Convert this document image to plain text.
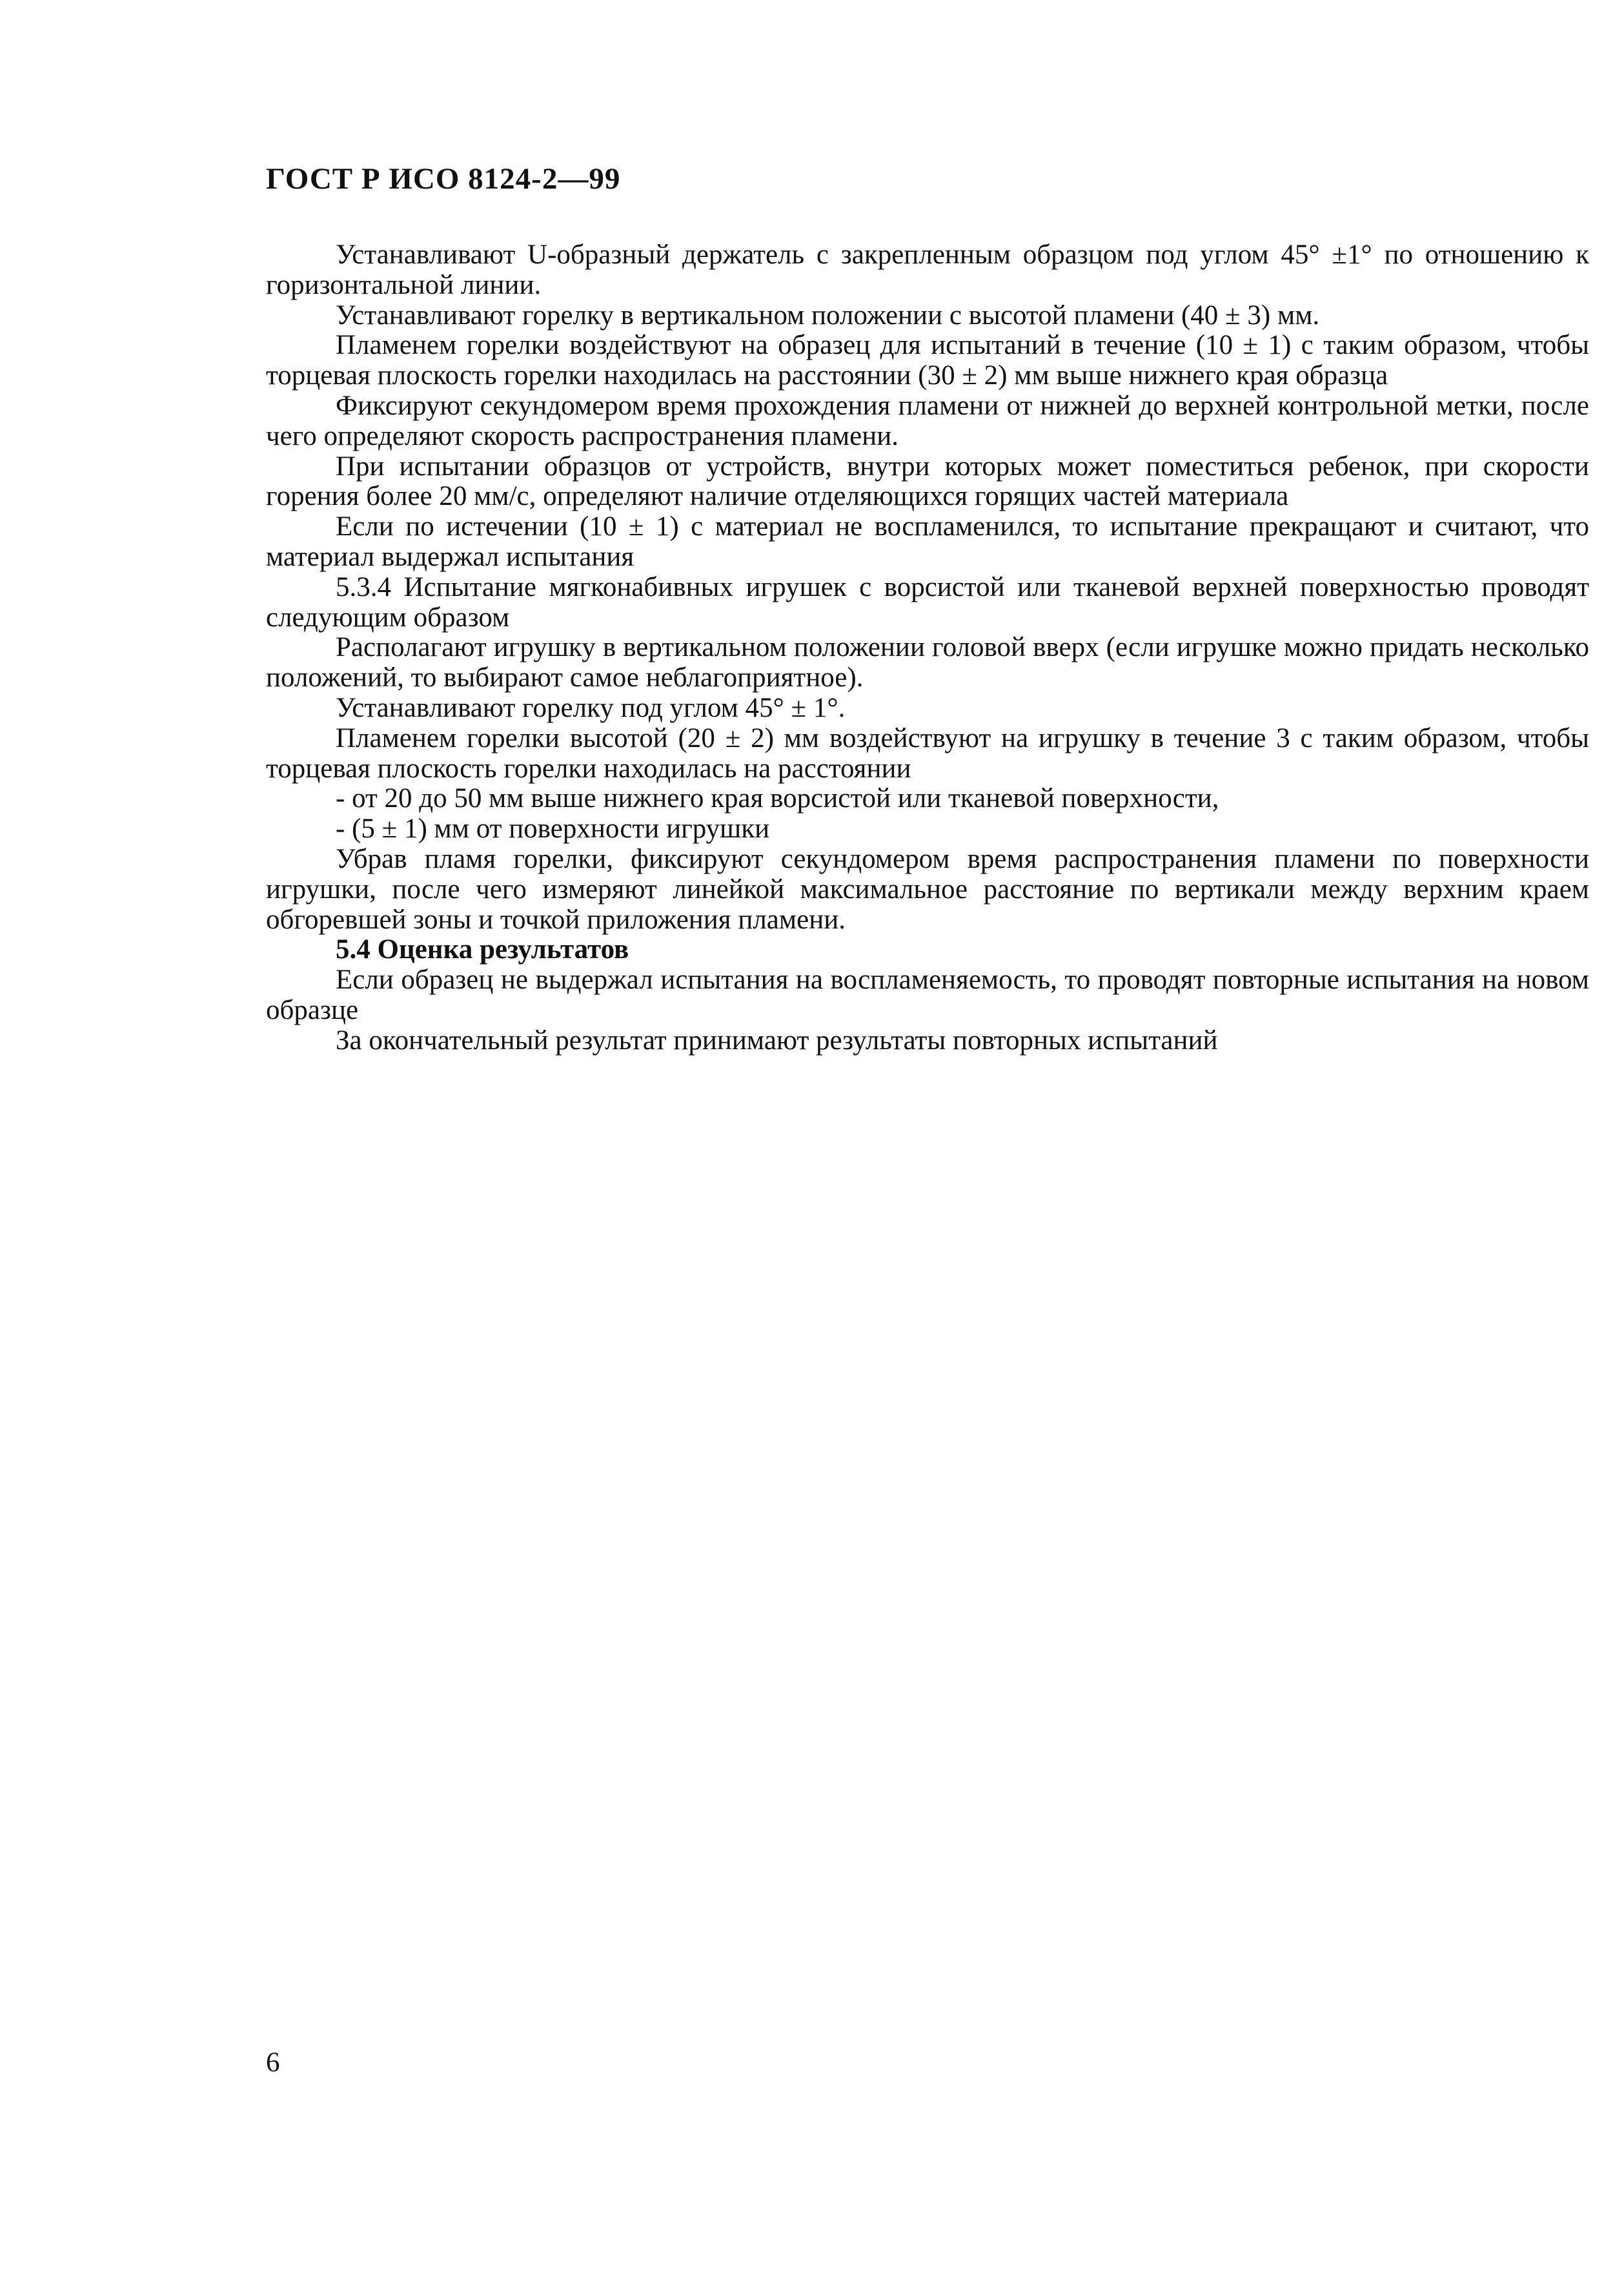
ГОСТ Р ИСО 8124-2—99

Устанавливают U-образный держатель с закрепленным образцом под углом 45° ±1° по отношению к горизонтальной линии.

Устанавливают горелку в вертикальном положении с высотой пламени (40 ± 3) мм.

Пламенем горелки воздействуют на образец для испытаний в течение (10 ± 1) с таким образом, чтобы торцевая плоскость горелки находилась на расстоянии (30 ± 2) мм выше нижнего края образца

Фиксируют секундомером время прохождения пламени от нижней до верхней контрольной метки, после чего определяют скорость распространения пламени.

При испытании образцов от устройств, внутри которых может поместиться ребенок, при скорости горения более 20 мм/с, определяют наличие отделяющихся горящих частей материала

Если по истечении (10 ± 1) с материал не воспламенился, то испытание прекращают и считают, что материал выдержал испытания

5.3.4 Испытание мягконабивных игрушек с ворсистой или тканевой верхней поверхностью проводят следующим образом

Располагают игрушку в вертикальном положении головой вверх (если игрушке можно придать несколько положений, то выбирают самое неблагоприятное).

Устанавливают горелку под углом 45° ± 1°.

Пламенем горелки высотой (20 ± 2) мм воздействуют на игрушку в течение 3 с таким образом, чтобы торцевая плоскость горелки находилась на расстоянии

- от 20 до 50 мм выше нижнего края ворсистой или тканевой поверхности,

- (5 ± 1) мм от поверхности игрушки

Убрав пламя горелки, фиксируют секундомером время распространения пламени по поверхности игрушки, после чего измеряют линейкой максимальное расстояние по вертикали между верхним краем обгоревшей зоны и точкой приложения пламени.

5.4 Оценка результатов

Если образец не выдержал испытания на воспламеняемость, то проводят повторные испытания на новом образце

За окончательный результат принимают результаты повторных испытаний

6
